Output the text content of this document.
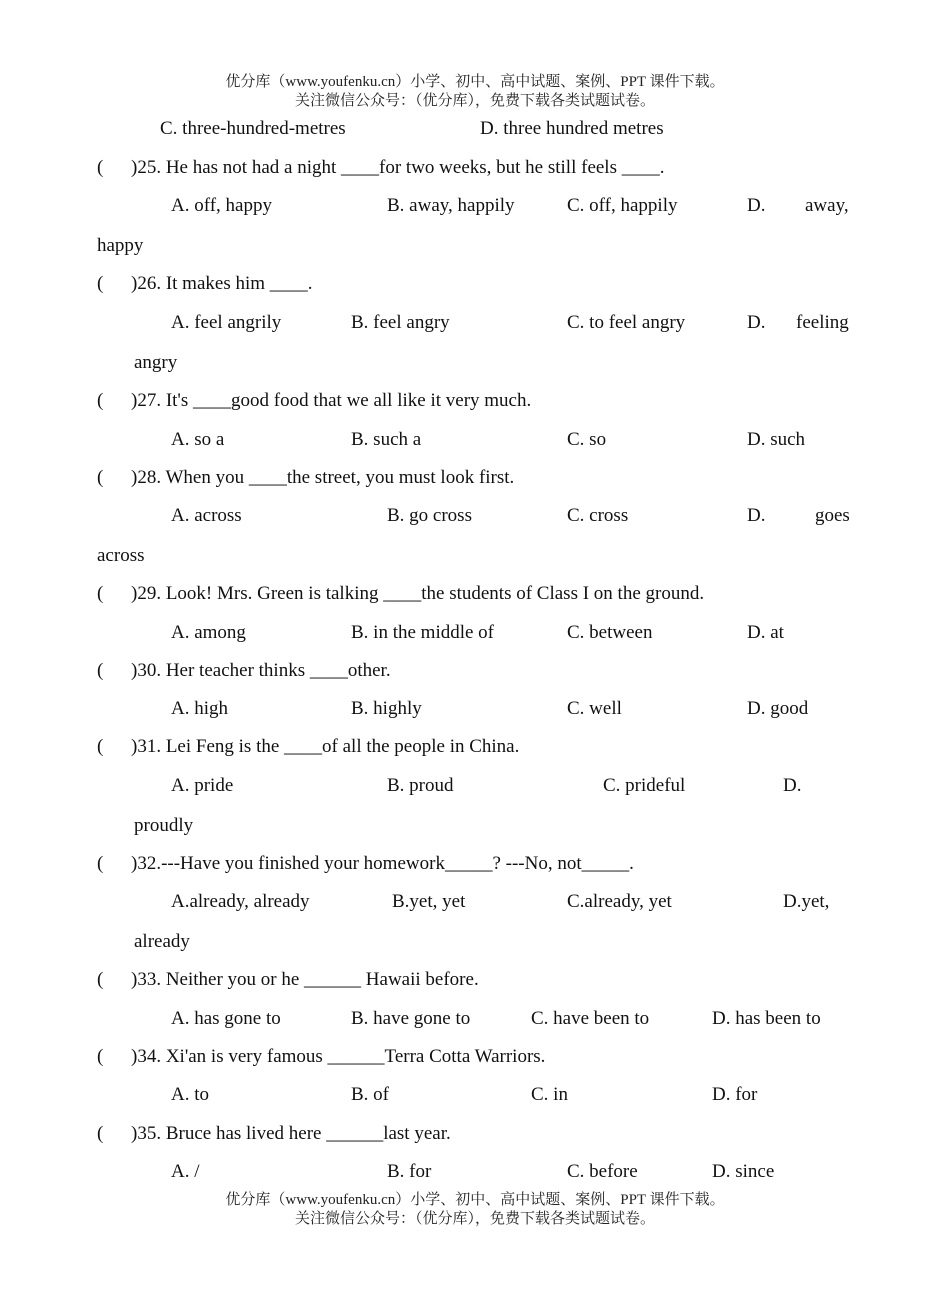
优分库（www.youfenku.cn）小学、初中、高中试题、案例、PPT 课件下载。
关注微信公众号：（优分库），免费下载各类试题试卷。
C. three-hundred-metres	D. three hundred metres
( )25. He has not had a night ____for two weeks, but he still feels ____.
A. off, happy	B. away, happily	C. off, happily	D. away,
happy
( )26. It makes him ____.
A. feel angrily	B. feel angry	C. to feel angry	D. feeling
angry
( )27. It's ____good food that we all like it very much.
A. so a	B. such a	C. so	D. such
( )28. When you ____the street, you must look first.
A. across	B. go cross	C. cross	D.	goes
across
( )29. Look! Mrs. Green is talking ____the students of Class I on the ground.
A. among	B. in the middle of	C. between	D. at
( )30. Her teacher thinks ____other.
A. high	B. highly	C. well	D. good
( )31. Lei Feng is the ____of all the people in China.
A. pride	B. proud	C. prideful	D.
proudly
( )32.---Have you finished your homework_____? ---No, not_____.
A.already, already	B.yet, yet	C.already, yet	D.yet,
already
( )33. Neither you or he ______ Hawaii before.
A. has gone to	B. have gone to	C. have been to	D. has been to
( )34. Xi'an is very famous ______Terra Cotta Warriors.
A. to	B. of	C. in	D. for
( )35. Bruce has lived here ______last year.
A. /	B. for	C. before	D. since
优分库（www.youfenku.cn）小学、初中、高中试题、案例、PPT 课件下载。
关注微信公众号：（优分库），免费下载各类试题试卷。
